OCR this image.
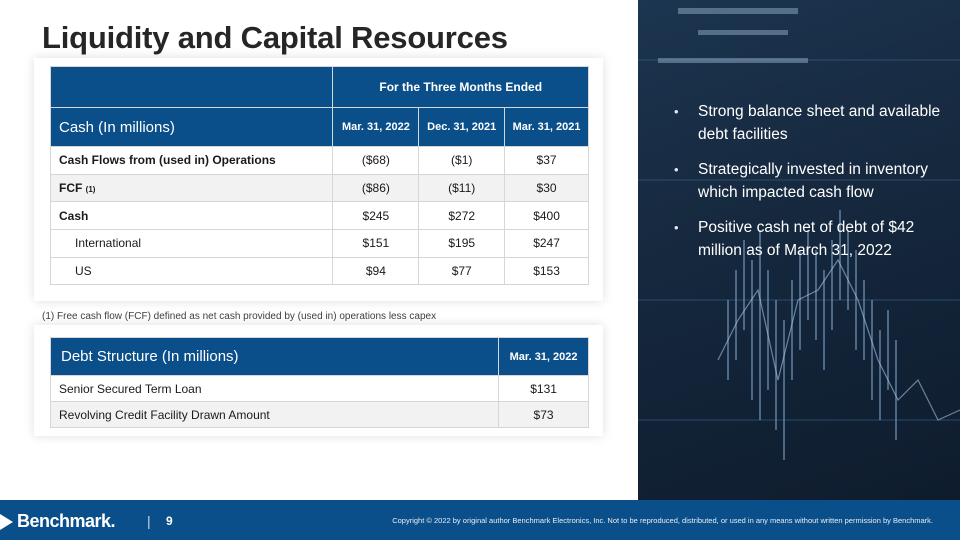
Liquidity and Capital Resources
	For the Three Months Ended		
Cash (In millions)	Mar. 31, 2022	Dec. 31, 2021	Mar. 31, 2021
Cash Flows from (used in) Operations	($68)	($1)	$37
FCF (1)	($86)	($11)	$30
Cash	$245	$272	$400
International	$151	$195	$247
US	$94	$77	$153
(1) Free cash flow (FCF) defined as net cash provided by (used in) operations less capex
Debt Structure (In millions)	Mar. 31, 2022
Senior Secured Term Loan	$131
Revolving Credit Facility Drawn Amount	$73
• Strong balance sheet and available debt facilities
• Strategically invested in inventory which impacted cash flow
• Positive cash net of debt of $42 million as of March 31, 2022
Benchmark . | 9	Copyright © 2022 by original author Benchmark Electronics, Inc. Not to be reproduced, distributed, or used in any means without written permission by Benchmark.
